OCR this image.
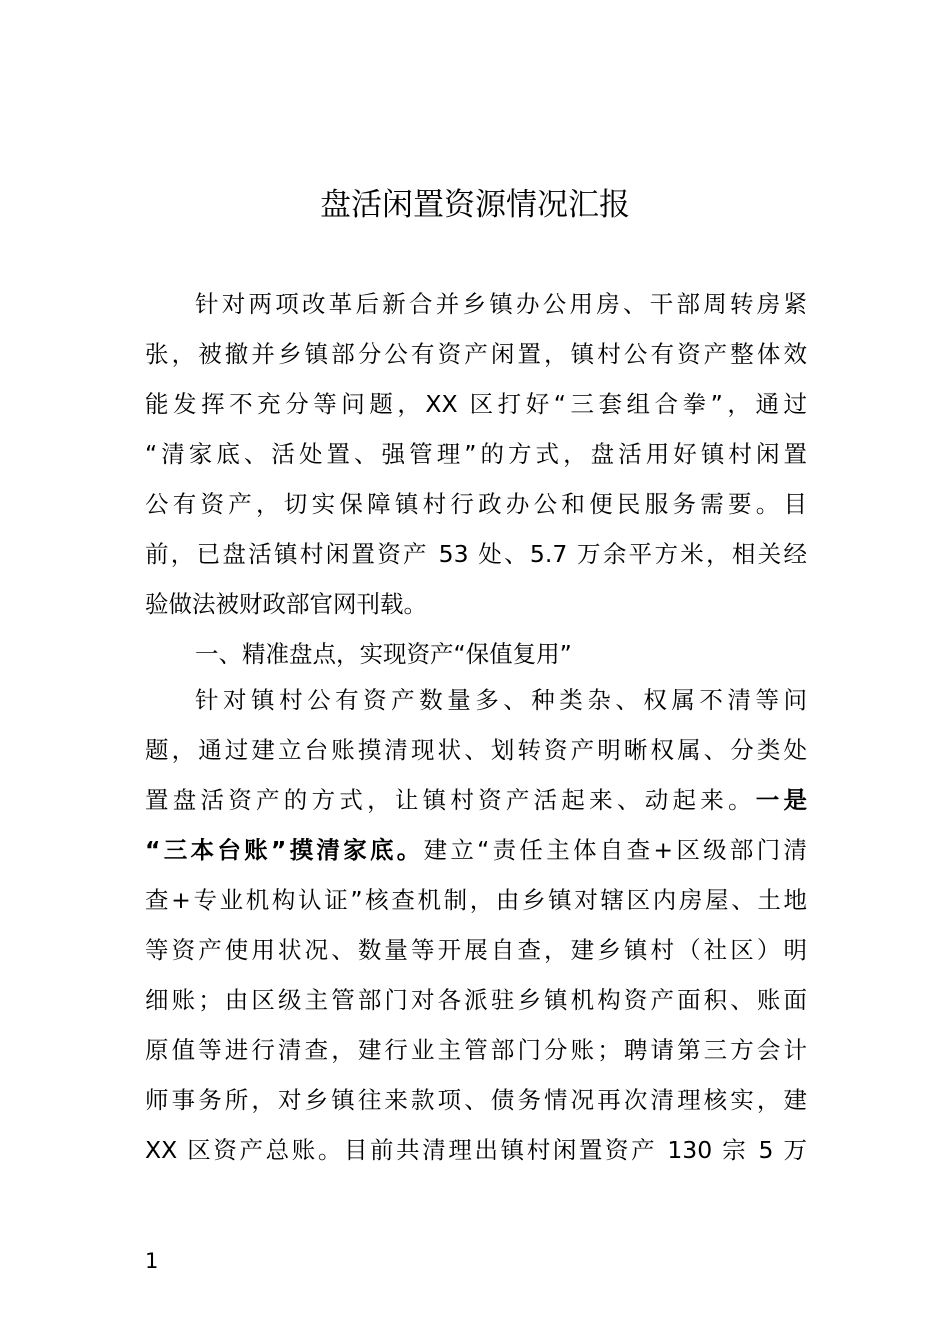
盘活闲置资源情况汇报
针对两项改革后新合并乡镇办公用房、干部周转房紧
张，被撤并乡镇部分公有资产闲置，镇村公有资产整体效
能发挥不充分等问题，XX 区打好“三套组合拳”，通过
“清家底、活处置、强管理”的方式，盘活用好镇村闲置
公有资产，切实保障镇村行政办公和便民服务需要。目
前，已盘活镇村闲置资产 53 处、5.7 万余平方米，相关经
验做法被财政部官网刊载。
一、精准盘点，实现资产“保值复用”
针对镇村公有资产数量多、种类杂、权属不清等问
题，通过建立台账摸清现状、划转资产明晰权属、分类处
置盘活资产的方式，让镇村资产活起来、动起来。一是
“三本台账”摸清家底。建立“责任主体自查+区级部门清
查+专业机构认证”核查机制，由乡镇对辖区内房屋、土地
等资产使用状况、数量等开展自查，建乡镇村（社区）明
细账；由区级主管部门对各派驻乡镇机构资产面积、账面
原值等进行清查，建行业主管部门分账；聘请第三方会计
师事务所，对乡镇往来款项、债务情况再次清理核实，建
XX 区资产总账。目前共清理出镇村闲置资产 130 宗 5 万
1
